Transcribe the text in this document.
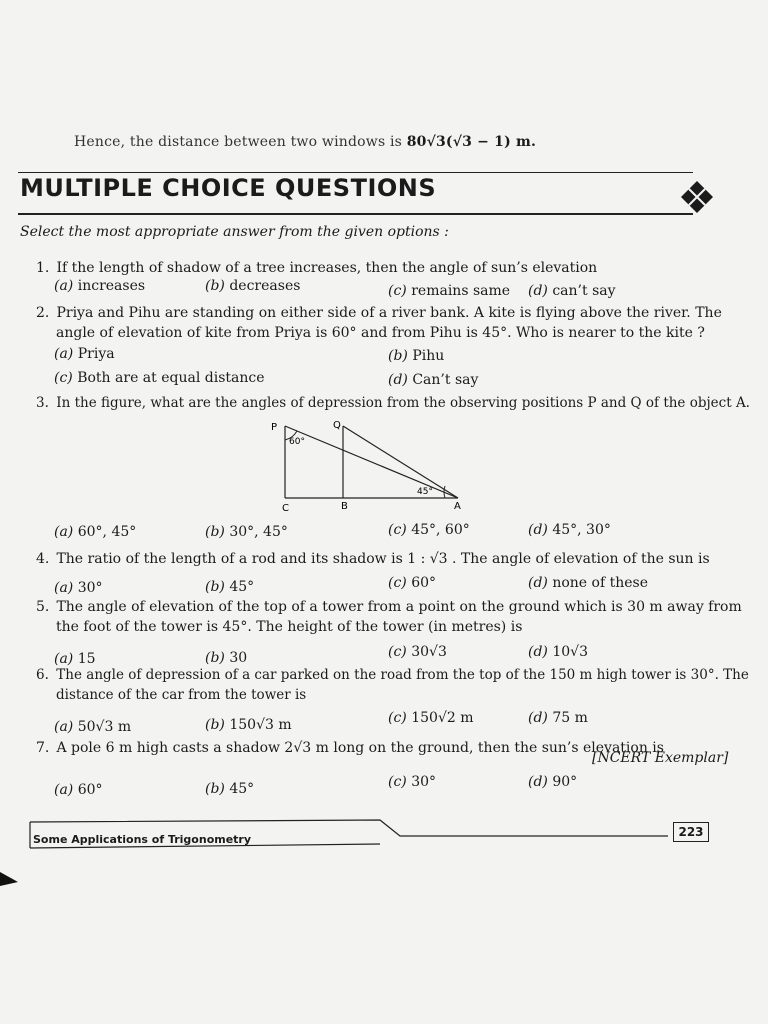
Hence, the distance between two windows is 80√3(√3 − 1) m.
MULTIPLE CHOICE QUESTIONS
Select the most appropriate answer from the given options :
1. If the length of shadow of a tree increases, then the angle of sun’s elevation
(a) increases	(b) decreases	(c) remains same (d) can’t say
2. Priya and Pihu are standing on either side of a river bank. A kite is flying above the river. The
angle of elevation of kite from Priya is 60° and from Pihu is 45°. Who is nearer to the kite ?
(a) Priya	(b) Pihu
(c) Both are at equal distance	(d) Can’t say
3. In the figure, what are the angles of depression from the observing positions P and Q of the object A.
P	Q
C	B	A
60°
45°
(a) 60°, 45°	(b) 30°, 45°	(c) 45°, 60°	(d) 45°, 30°
4. The ratio of the length of a rod and its shadow is 1 : √3 . The angle of elevation of the sun is
(a) 30°	(b) 45°	(c) 60°	(d) none of these
5. The angle of elevation of the top of a tower from a point on the ground which is 30 m away from
the foot of the tower is 45°. The height of the tower (in metres) is
(a) 15	(b) 30	(c) 30√3	(d) 10√3
6. The angle of depression of a car parked on the road from the top of the 150 m high tower is 30°. The
distance of the car from the tower is
(a) 50√3 m	(b) 150√3 m	(c) 150√2 m	(d) 75 m
7. A pole 6 m high casts a shadow 2√3 m long on the ground, then the sun’s elevation is
[NCERT Exemplar]
(a) 60°	(b) 45°	(c) 30°	(d) 90°
Some Applications of Trigonometry
223
